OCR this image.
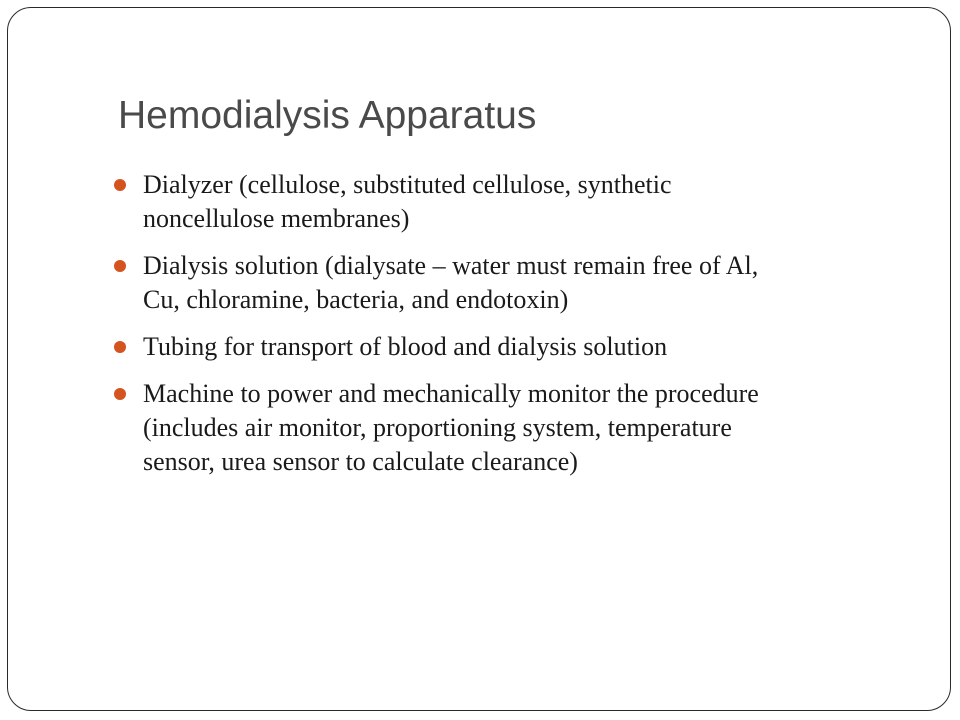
Hemodialysis Apparatus
Dialyzer (cellulose, substituted cellulose, synthetic
noncellulose membranes)
Dialysis solution (dialysate – water must remain free of Al,
Cu, chloramine, bacteria, and endotoxin)
Tubing for transport of blood and dialysis solution
Machine to power and mechanically monitor the procedure
(includes air monitor, proportioning system, temperature
sensor, urea sensor to calculate clearance)
